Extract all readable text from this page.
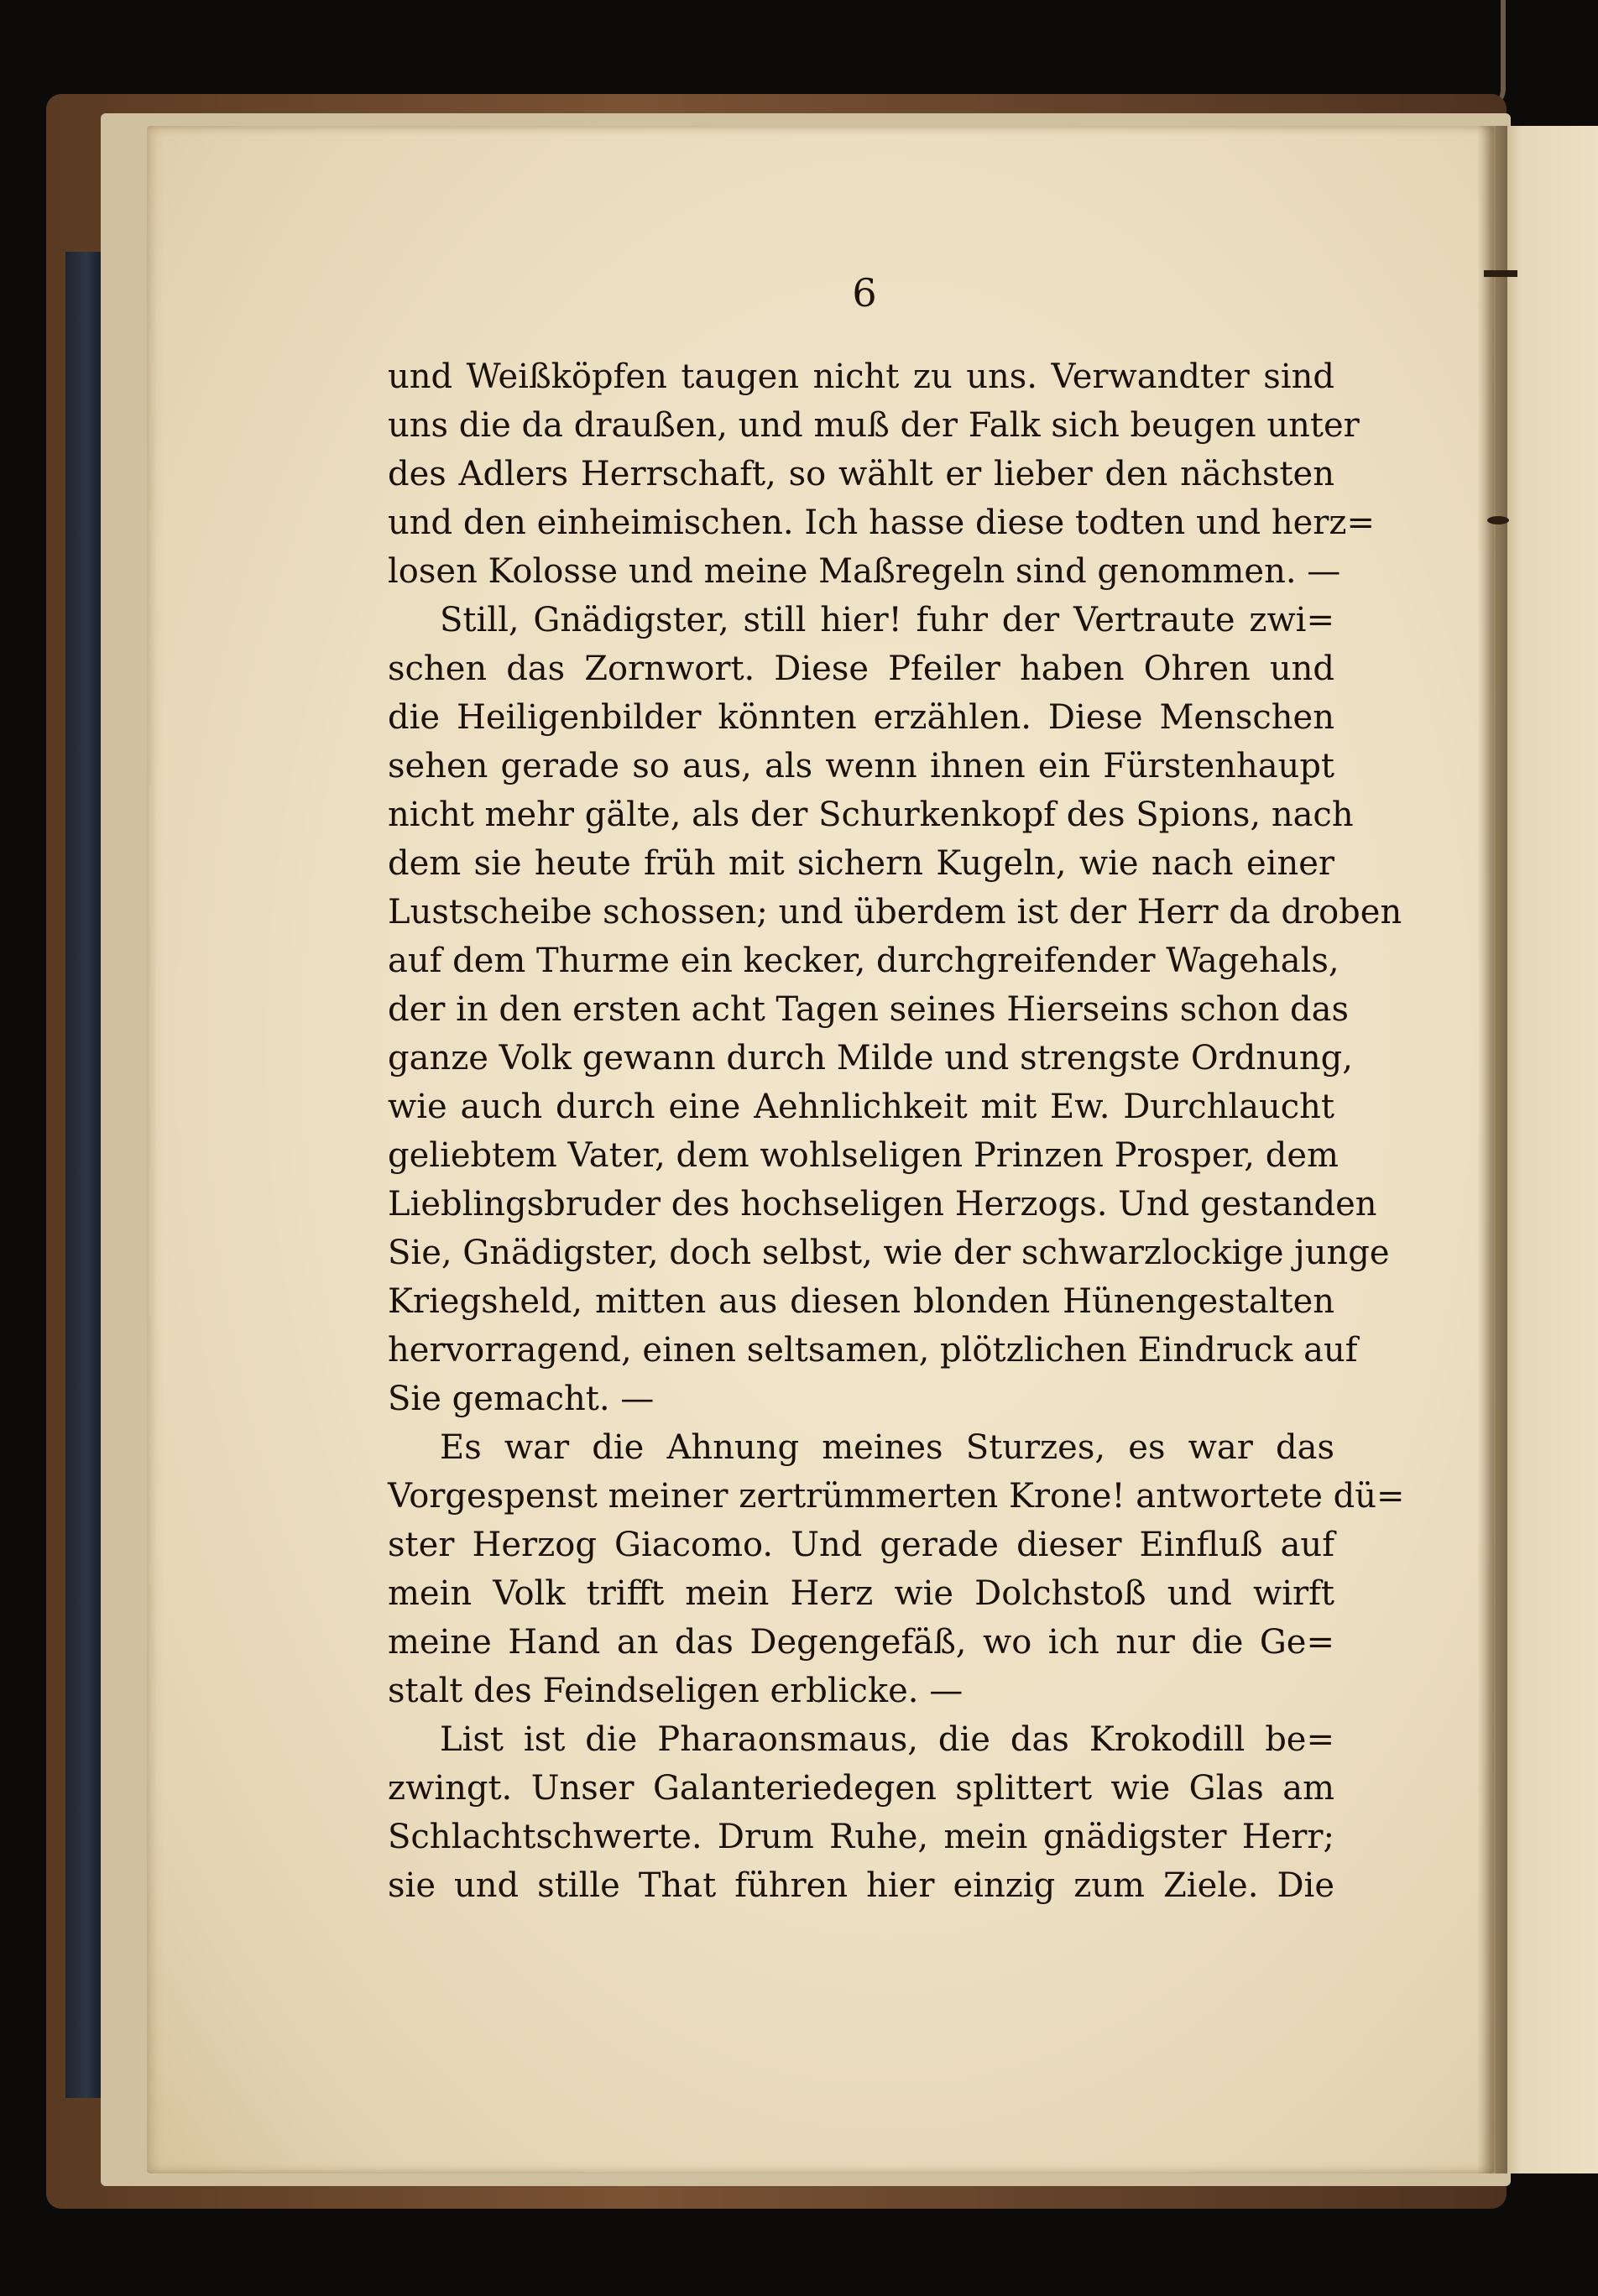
6
und Weißköpfen taugen nicht zu uns. Verwandter sind
uns die da draußen, und muß der Falk sich beugen unter
des Adlers Herrschaft, so wählt er lieber den nächsten
und den einheimischen. Ich hasse diese todten und herz=
losen Kolosse und meine Maßregeln sind genommen. —
Still, Gnädigster, still hier! fuhr der Vertraute zwi=
schen das Zornwort. Diese Pfeiler haben Ohren und
die Heiligenbilder könnten erzählen. Diese Menschen
sehen gerade so aus, als wenn ihnen ein Fürstenhaupt
nicht mehr gälte, als der Schurkenkopf des Spions, nach
dem sie heute früh mit sichern Kugeln, wie nach einer
Lustscheibe schossen; und überdem ist der Herr da droben
auf dem Thurme ein kecker, durchgreifender Wagehals,
der in den ersten acht Tagen seines Hierseins schon das
ganze Volk gewann durch Milde und strengste Ordnung,
wie auch durch eine Aehnlichkeit mit Ew. Durchlaucht
geliebtem Vater, dem wohlseligen Prinzen Prosper, dem
Lieblingsbruder des hochseligen Herzogs. Und gestanden
Sie, Gnädigster, doch selbst, wie der schwarzlockige junge
Kriegsheld, mitten aus diesen blonden Hünengestalten
hervorragend, einen seltsamen, plötzlichen Eindruck auf
Sie gemacht. —
Es war die Ahnung meines Sturzes, es war das
Vorgespenst meiner zertrümmerten Krone! antwortete dü=
ster Herzog Giacomo. Und gerade dieser Einfluß auf
mein Volk trifft mein Herz wie Dolchstoß und wirft
meine Hand an das Degengefäß, wo ich nur die Ge=
stalt des Feindseligen erblicke. —
List ist die Pharaonsmaus, die das Krokodill be=
zwingt. Unser Galanteriedegen splittert wie Glas am
Schlachtschwerte. Drum Ruhe, mein gnädigster Herr;
sie und stille That führen hier einzig zum Ziele. Die
